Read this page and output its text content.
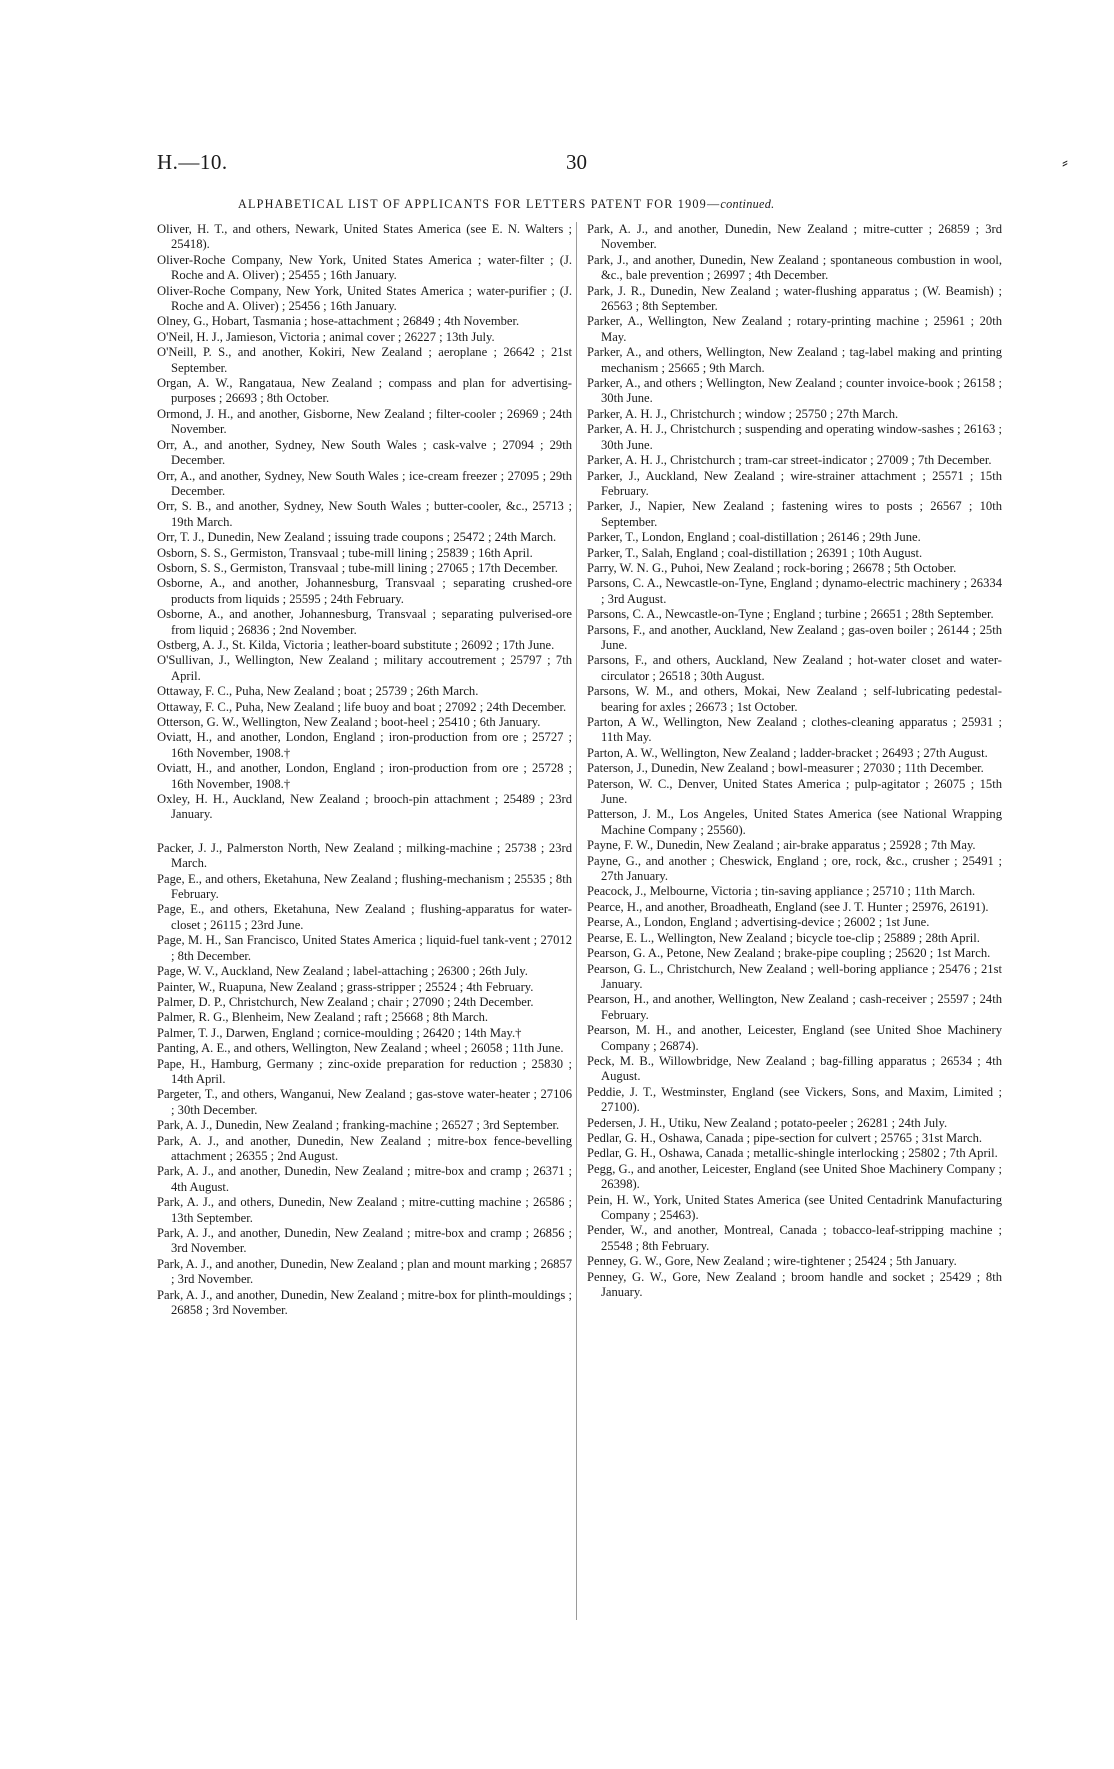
H.—10.	30	⸗
ALPHABETICAL LIST OF APPLICANTS FOR LETTERS PATENT FOR 1909—continued.
Oliver, H. T., and others, Newark, United States America (see E. N. Walters ; 25418).
Oliver-Roche Company, New York, United States America ; water-filter ; (J. Roche and A. Oliver) ; 25455 ; 16th January.
Oliver-Roche Company, New York, United States America ; water-purifier ; (J. Roche and A. Oliver) ; 25456 ; 16th January.
Olney, G., Hobart, Tasmania ; hose-attachment ; 26849 ; 4th November.
O'Neil, H. J., Jamieson, Victoria ; animal cover ; 26227 ; 13th July.
O'Neill, P. S., and another, Kokiri, New Zealand ; aeroplane ; 26642 ; 21st September.
Organ, A. W., Rangataua, New Zealand ; compass and plan for advertising-purposes ; 26693 ; 8th October.
Ormond, J. H., and another, Gisborne, New Zealand ; filter-cooler ; 26969 ; 24th November.
Orr, A., and another, Sydney, New South Wales ; cask-valve ; 27094 ; 29th December.
Orr, A., and another, Sydney, New South Wales ; ice-cream freezer ; 27095 ; 29th December.
Orr, S. B., and another, Sydney, New South Wales ; butter-cooler, &c., 25713 ; 19th March.
Orr, T. J., Dunedin, New Zealand ; issuing trade coupons ; 25472 ; 24th March.
Osborn, S. S., Germiston, Transvaal ; tube-mill lining ; 25839 ; 16th April.
Osborn, S. S., Germiston, Transvaal ; tube-mill lining ; 27065 ; 17th December.
Osborne, A., and another, Johannesburg, Transvaal ; separating crushed-ore products from liquids ; 25595 ; 24th February.
Osborne, A., and another, Johannesburg, Transvaal ; separating pulverised-ore from liquid ; 26836 ; 2nd November.
Ostberg, A. J., St. Kilda, Victoria ; leather-board substitute ; 26092 ; 17th June.
O'Sullivan, J., Wellington, New Zealand ; military accoutrement ; 25797 ; 7th April.
Ottaway, F. C., Puha, New Zealand ; boat ; 25739 ; 26th March.
Ottaway, F. C., Puha, New Zealand ; life buoy and boat ; 27092 ; 24th December.
Otterson, G. W., Wellington, New Zealand ; boot-heel ; 25410 ; 6th January.
Oviatt, H., and another, London, England ; iron-production from ore ; 25727 ; 16th November, 1908.†
Oviatt, H., and another, London, England ; iron-production from ore ; 25728 ; 16th November, 1908.†
Oxley, H. H., Auckland, New Zealand ; brooch-pin attachment ; 25489 ; 23rd January.
Packer, J. J., Palmerston North, New Zealand ; milking-machine ; 25738 ; 23rd March.
Page, E., and others, Eketahuna, New Zealand ; flushing-mechanism ; 25535 ; 8th February.
Page, E., and others, Eketahuna, New Zealand ; flushing-apparatus for water-closet ; 26115 ; 23rd June.
Page, M. H., San Francisco, United States America ; liquid-fuel tank-vent ; 27012 ; 8th December.
Page, W. V., Auckland, New Zealand ; label-attaching ; 26300 ; 26th July.
Painter, W., Ruapuna, New Zealand ; grass-stripper ; 25524 ; 4th February.
Palmer, D. P., Christchurch, New Zealand ; chair ; 27090 ; 24th December.
Palmer, R. G., Blenheim, New Zealand ; raft ; 25668 ; 8th March.
Palmer, T. J., Darwen, England ; cornice-moulding ; 26420 ; 14th May.†
Panting, A. E., and others, Wellington, New Zealand ; wheel ; 26058 ; 11th June.
Pape, H., Hamburg, Germany ; zinc-oxide preparation for reduction ; 25830 ; 14th April.
Pargeter, T., and others, Wanganui, New Zealand ; gas-stove water-heater ; 27106 ; 30th December.
Park, A. J., Dunedin, New Zealand ; franking-machine ; 26527 ; 3rd September.
Park, A. J., and another, Dunedin, New Zealand ; mitre-box fence-bevelling attachment ; 26355 ; 2nd August.
Park, A. J., and another, Dunedin, New Zealand ; mitre-box and cramp ; 26371 ; 4th August.
Park, A. J., and others, Dunedin, New Zealand ; mitre-cutting machine ; 26586 ; 13th September.
Park, A. J., and another, Dunedin, New Zealand ; mitre-box and cramp ; 26856 ; 3rd November.
Park, A. J., and another, Dunedin, New Zealand ; plan and mount marking ; 26857 ; 3rd November.
Park, A. J., and another, Dunedin, New Zealand ; mitre-box for plinth-mouldings ; 26858 ; 3rd November.
Park, A. J., and another, Dunedin, New Zealand ; mitre-cutter ; 26859 ; 3rd November.
Park, J., and another, Dunedin, New Zealand ; spontaneous combustion in wool, &c., bale prevention ; 26997 ; 4th December.
Park, J. R., Dunedin, New Zealand ; water-flushing apparatus ; (W. Beamish) ; 26563 ; 8th September.
Parker, A., Wellington, New Zealand ; rotary-printing machine ; 25961 ; 20th May.
Parker, A., and others, Wellington, New Zealand ; tag-label making and printing mechanism ; 25665 ; 9th March.
Parker, A., and others ; Wellington, New Zealand ; counter invoice-book ; 26158 ; 30th June.
Parker, A. H. J., Christchurch ; window ; 25750 ; 27th March.
Parker, A. H. J., Christchurch ; suspending and operating window-sashes ; 26163 ; 30th June.
Parker, A. H. J., Christchurch ; tram-car street-indicator ; 27009 ; 7th December.
Parker, J., Auckland, New Zealand ; wire-strainer attachment ; 25571 ; 15th February.
Parker, J., Napier, New Zealand ; fastening wires to posts ; 26567 ; 10th September.
Parker, T., London, England ; coal-distillation ; 26146 ; 29th June.
Parker, T., Salah, England ; coal-distillation ; 26391 ; 10th August.
Parry, W. N. G., Puhoi, New Zealand ; rock-boring ; 26678 ; 5th October.
Parsons, C. A., Newcastle-on-Tyne, England ; dynamo-electric machinery ; 26334 ; 3rd August.
Parsons, C. A., Newcastle-on-Tyne ; England ; turbine ; 26651 ; 28th September.
Parsons, F., and another, Auckland, New Zealand ; gas-oven boiler ; 26144 ; 25th June.
Parsons, F., and others, Auckland, New Zealand ; hot-water closet and water-circulator ; 26518 ; 30th August.
Parsons, W. M., and others, Mokai, New Zealand ; self-lubricating pedestal-bearing for axles ; 26673 ; 1st October.
Parton, A W., Wellington, New Zealand ; clothes-cleaning apparatus ; 25931 ; 11th May.
Parton, A. W., Wellington, New Zealand ; ladder-bracket ; 26493 ; 27th August.
Paterson, J., Dunedin, New Zealand ; bowl-measurer ; 27030 ; 11th December.
Paterson, W. C., Denver, United States America ; pulp-agitator ; 26075 ; 15th June.
Patterson, J. M., Los Angeles, United States America (see National Wrapping Machine Company ; 25560).
Payne, F. W., Dunedin, New Zealand ; air-brake apparatus ; 25928 ; 7th May.
Payne, G., and another ; Cheswick, England ; ore, rock, &c., crusher ; 25491 ; 27th January.
Peacock, J., Melbourne, Victoria ; tin-saving appliance ; 25710 ; 11th March.
Pearce, H., and another, Broadheath, England (see J. T. Hunter ; 25976, 26191).
Pearse, A., London, England ; advertising-device ; 26002 ; 1st June.
Pearse, E. L., Wellington, New Zealand ; bicycle toe-clip ; 25889 ; 28th April.
Pearson, G. A., Petone, New Zealand ; brake-pipe coupling ; 25620 ; 1st March.
Pearson, G. L., Christchurch, New Zealand ; well-boring appliance ; 25476 ; 21st January.
Pearson, H., and another, Wellington, New Zealand ; cash-receiver ; 25597 ; 24th February.
Pearson, M. H., and another, Leicester, England (see United Shoe Machinery Company ; 26874).
Peck, M. B., Willowbridge, New Zealand ; bag-filling apparatus ; 26534 ; 4th August.
Peddie, J. T., Westminster, England (see Vickers, Sons, and Maxim, Limited ; 27100).
Pedersen, J. H., Utiku, New Zealand ; potato-peeler ; 26281 ; 24th July.
Pedlar, G. H., Oshawa, Canada ; pipe-section for culvert ; 25765 ; 31st March.
Pedlar, G. H., Oshawa, Canada ; metallic-shingle interlocking ; 25802 ; 7th April.
Pegg, G., and another, Leicester, England (see United Shoe Machinery Company ; 26398).
Pein, H. W., York, United States America (see United Centadrink Manufacturing Company ; 25463).
Pender, W., and another, Montreal, Canada ; tobacco-leaf-stripping machine ; 25548 ; 8th February.
Penney, G. W., Gore, New Zealand ; wire-tightener ; 25424 ; 5th January.
Penney, G. W., Gore, New Zealand ; broom handle and socket ; 25429 ; 8th January.
